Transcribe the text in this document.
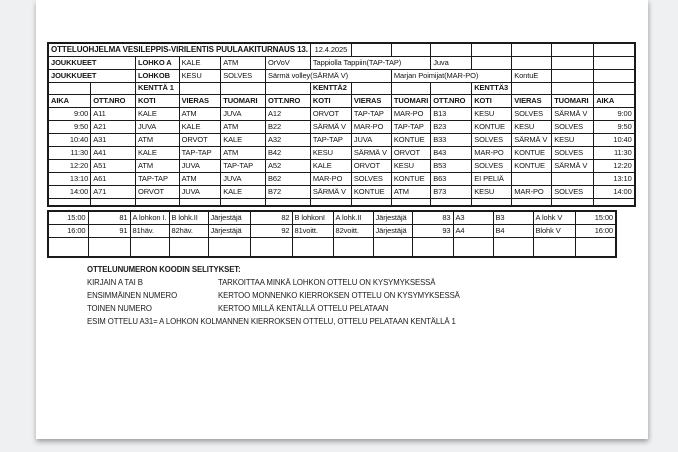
OTTELUOHJELMA VESILEPPIS-VIRILENTIS PUULAAKITURNAUS 13.						12.4.2025							
JOUKKUEET		LOHKO A	KALE	ATM	OrVoV	Tappiolla Tappiin(TAP-TAP)			Juva				
JOUKKUEET		LOHKOB	KESU	SOLVES	Särmä volley(SÄRMÄ V)			Marjan Poimijat(MAR-PO)			KontuE		
		KENTTÄ 1				KENTTÄ2				KENTTÄ3			
AIKA	OTT.NRO	KOTI	VIERAS	TUOMARI	OTT.NRO	KOTI	VIERAS	TUOMARI	OTT.NRO	KOTI	VIERAS	TUOMARI	AIKA
9:00	A11	KALE	ATM	JUVA	A12	ORVOT	TAP-TAP	MAR-PO	B13	KESU	SOLVES	SÄRMÄ V	9:00
9:50	A21	JUVA	KALE	ATM	B22	SÄRMÄ V	MAR-PO	TAP-TAP	B23	KONTUE	KESU	SOLVES	9:50
10:40	A31	ATM	ORVOT	KALE	A32	TAP-TAP	JUVA	KONTUE	B33	SOLVES	SÄRMÄ V	KESU	10:40
11:30	A41	KALE	TAP-TAP	ATM	B42	KESU	SÄRMÄ V	ORVOT	B43	MAR-PO	KONTUE	SOLVES	11:30
12:20	A51	ATM	JUVA	TAP-TAP	A52	KALE	ORVOT	KESU	B53	SOLVES	KONTUE	SÄRMÄ V	12:20
13:10	A61	TAP-TAP	ATM	JUVA	B62	MAR-PO	SOLVES	KONTUE	B63	EI PELIÄ			13:10
14:00	A71	ORVOT	JUVA	KALE	B72	SÄRMÄ V	KONTUE	ATM	B73	KESU	MAR-PO	SOLVES	14:00

15:00	81	A lohkon I.	B lohk.II	Järjestäjä	82	B lohkonI	A lohk.II	Järjestäjä	83	A3	B3	A lohk V	15:00
16:00	91	81häv.	82häv.	Järjestäjä	92	81voitt.	82voitt.	Järjestäjä	93	A4	B4	Blohk V	16:00

OTTELUNUMERON KOODIN SELITYKSET:
KIRJAIN A TAI B	TARKOITTAA MINKÄ LOHKON OTTELU ON KYSYMYKSESSÄ
ENSIMMÄINEN NUMERO	KERTOO MONNENKO KIERROKSEN OTTELU ON KYSYMYKSESSÄ
TOINEN NUMERO	KERTOO MILLÄ KENTÄLLÄ OTTELU PELATAAN
ESIM OTTELU A31= A LOHKON KOLMANNEN KIERROKSEN OTTELU, OTTELU PELATAAN KENTÄLLÄ 1
